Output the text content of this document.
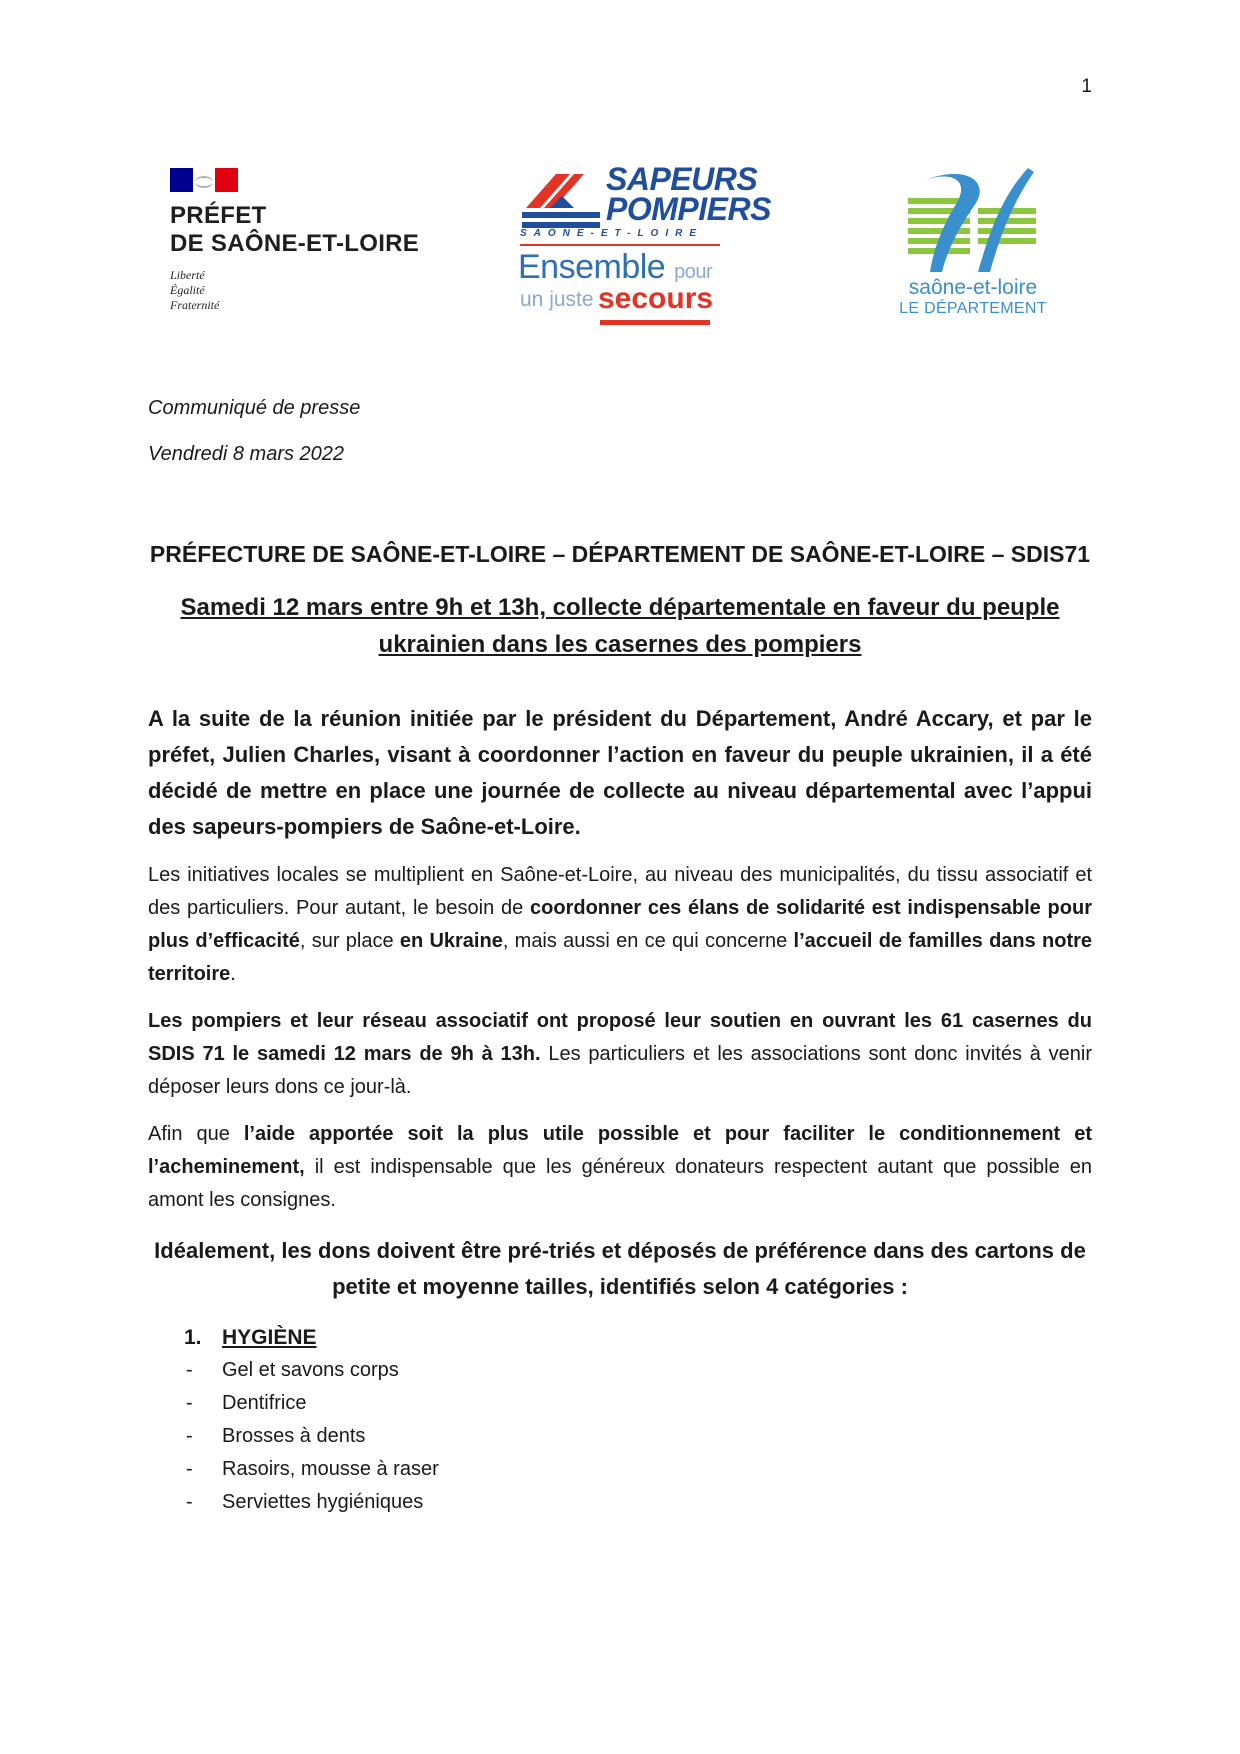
1
PRÉFET
DE SAÔNE-ET-LOIRE
Liberté
Égalité
Fraternité
SAPEURS
POMPIERS
SAÔNE-ET-LOIRE
Ensemble pour
un juste secours	saône-et-loire
LE DÉPARTEMENT

Communiqué de presse

Vendredi 8 mars 2022

PRÉFECTURE DE SAÔNE-ET-LOIRE – DÉPARTEMENT DE SAÔNE-ET-LOIRE – SDIS71
Samedi 12 mars entre 9h et 13h, collecte départementale en faveur du peuple ukrainien dans les casernes des pompiers

A la suite de la réunion initiée par le président du Département, André Accary, et par le préfet, Julien Charles, visant à coordonner l’action en faveur du peuple ukrainien, il a été décidé de mettre en place une journée de collecte au niveau départemental avec l’appui des sapeurs-pompiers de Saône-et-Loire.

Les initiatives locales se multiplient en Saône-et-Loire, au niveau des municipalités, du tissu associatif et des particuliers. Pour autant, le besoin de coordonner ces élans de solidarité est indispensable pour plus d’efficacité, sur place en Ukraine, mais aussi en ce qui concerne l’accueil de familles dans notre territoire.

Les pompiers et leur réseau associatif ont proposé leur soutien en ouvrant les 61 casernes du SDIS 71 le samedi 12 mars de 9h à 13h. Les particuliers et les associations sont donc invités à venir déposer leurs dons ce jour-là.

Afin que l’aide apportée soit la plus utile possible et pour faciliter le conditionnement et l’acheminement, il est indispensable que les généreux donateurs respectent autant que possible en amont les consignes.

Idéalement, les dons doivent être pré-triés et déposés de préférence dans des cartons de petite et moyenne tailles, identifiés selon 4 catégories :
1. HYGIÈNE
- Gel et savons corps
- Dentifrice
- Brosses à dents
- Rasoirs, mousse à raser
- Serviettes hygiéniques
